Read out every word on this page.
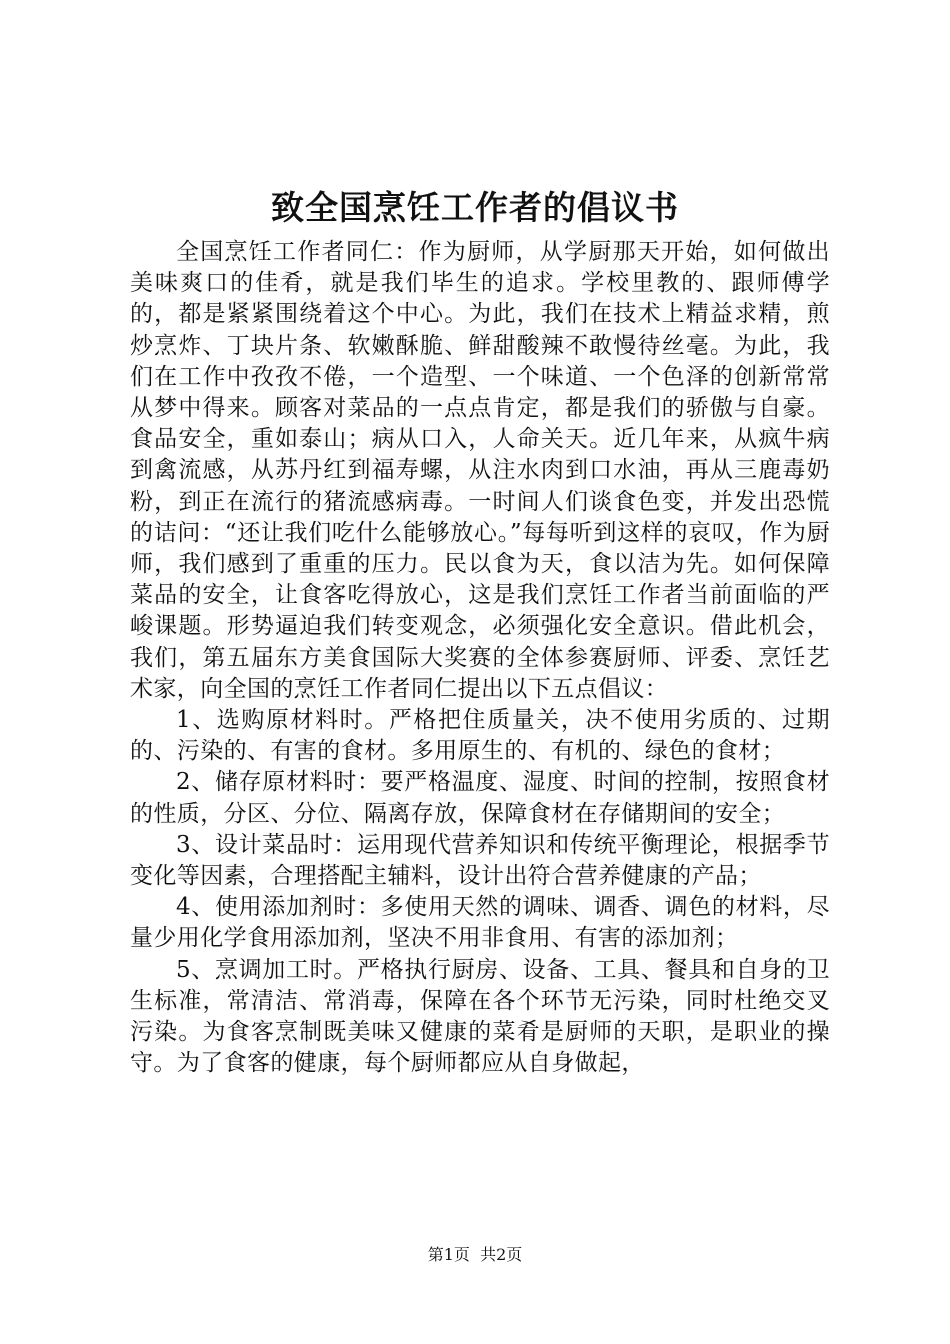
致全国烹饪工作者的倡议书

全国烹饪工作者同仁：作为厨师，从学厨那天开始，如何做出美味爽口的佳肴，就是我们毕生的追求。学校里教的、跟师傅学的，都是紧紧围绕着这个中心。为此，我们在技术上精益求精，煎炒烹炸、丁块片条、软嫩酥脆、鲜甜酸辣不敢慢待丝毫。为此，我们在工作中孜孜不倦，一个造型、一个味道、一个色泽的创新常常从梦中得来。顾客对菜品的一点点肯定，都是我们的骄傲与自豪。食品安全，重如泰山；病从口入，人命关天。近几年来，从疯牛病到禽流感，从苏丹红到福寿螺，从注水肉到口水油，再从三鹿毒奶粉，到正在流行的猪流感病毒。一时间人们谈食色变，并发出恐慌的诘问：“还让我们吃什么能够放心。”每每听到这样的哀叹，作为厨师，我们感到了重重的压力。民以食为天，食以洁为先。如何保障菜品的安全，让食客吃得放心，这是我们烹饪工作者当前面临的严峻课题。形势逼迫我们转变观念，必须强化安全意识。借此机会，我们，第五届东方美食国际大奖赛的全体参赛厨师、评委、烹饪艺术家，向全国的烹饪工作者同仁提出以下五点倡议：

1、选购原材料时。严格把住质量关，决不使用劣质的、过期的、污染的、有害的食材。多用原生的、有机的、绿色的食材；

2、储存原材料时：要严格温度、湿度、时间的控制，按照食材的性质，分区、分位、隔离存放，保障食材在存储期间的安全；

3、设计菜品时：运用现代营养知识和传统平衡理论，根据季节变化等因素，合理搭配主辅料，设计出符合营养健康的产品；

4、使用添加剂时：多使用天然的调味、调香、调色的材料，尽量少用化学食用添加剂，坚决不用非食用、有害的添加剂；

5、烹调加工时。严格执行厨房、设备、工具、餐具和自身的卫生标准，常清洁、常消毒，保障在各个环节无污染，同时杜绝交叉污染。为食客烹制既美味又健康的菜肴是厨师的天职，是职业的操守。为了食客的健康，每个厨师都应从自身做起，

第1页  共2页
